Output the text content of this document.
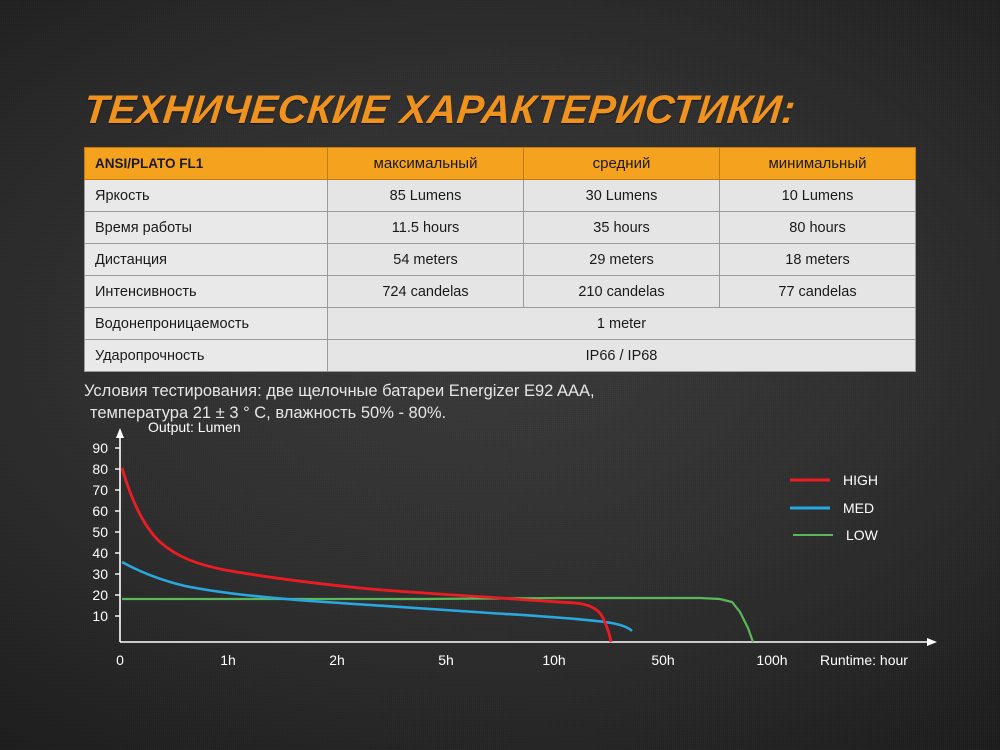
ТЕХНИЧЕСКИЕ ХАРАКТЕРИСТИКИ:
ANSI/PLATO FL1	максимальный	средний	минимальный
Яркость	85 Lumens	30 Lumens	10 Lumens
Время работы	11.5 hours	35 hours	80 hours
Дистанция	54 meters	29 meters	18 meters
Интенсивность	724 candelas	210 candelas	77 candelas
Водонепроницаемость	1 meter		
Ударопрочность	IP66 / IP68		
Условия тестирования: две щелочные батареи Energizer E92 AAA,
температура 21 ± 3 ° C, влажность 50% - 80%.
90
80
70
60
50
40
30
20
10
0	1h	2h	5h	10h	50h	100h
Output: Lumen
Runtime: hour
HIGH
MED
LOW
